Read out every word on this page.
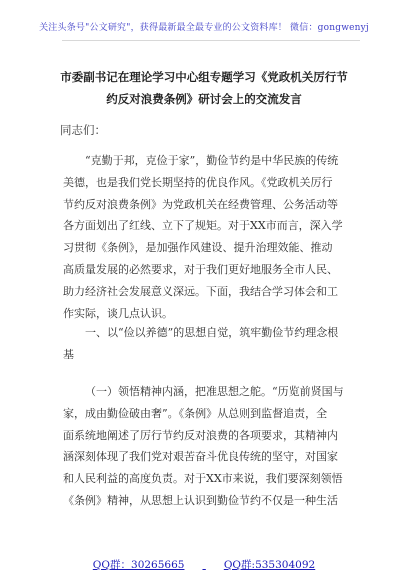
关注头条号"公文研究"，获得最新最全最专业的公文资料库！ 微信：gongwenyj
市委副书记在理论学习中心组专题学习《党政机关厉行节
约反对浪费条例》研讨会上的交流发言
同志们：
“克勤于邦，克俭于家”，勤俭节约是中华民族的传统
美德，也是我们党长期坚持的优良作风。《党政机关厉行
节约反对浪费条例》为党政机关在经费管理、公务活动等
各方面划出了红线、立下了规矩。对于XX市而言，深入学
习贯彻《条例》，是加强作风建设、提升治理效能、推动
高质量发展的必然要求，对于我们更好地服务全市人民、
助力经济社会发展意义深远。下面，我结合学习体会和工
作实际，谈几点认识。
一、以“俭以养德”的思想自觉，筑牢勤俭节约理念根
基
（一）领悟精神内涵，把准思想之舵。“历览前贤国与
家，成由勤俭破由奢”。《条例》从总则到监督追责，全
面系统地阐述了厉行节约反对浪费的各项要求，其精神内
涵深刻体现了我们党对艰苦奋斗优良传统的坚守，对国家
和人民利益的高度负责。对于XX市来说，我们要深刻领悟
《条例》精神，从思想上认识到勤俭节约不仅是一种生活
QQ群：30265665	QQ群:535304092
